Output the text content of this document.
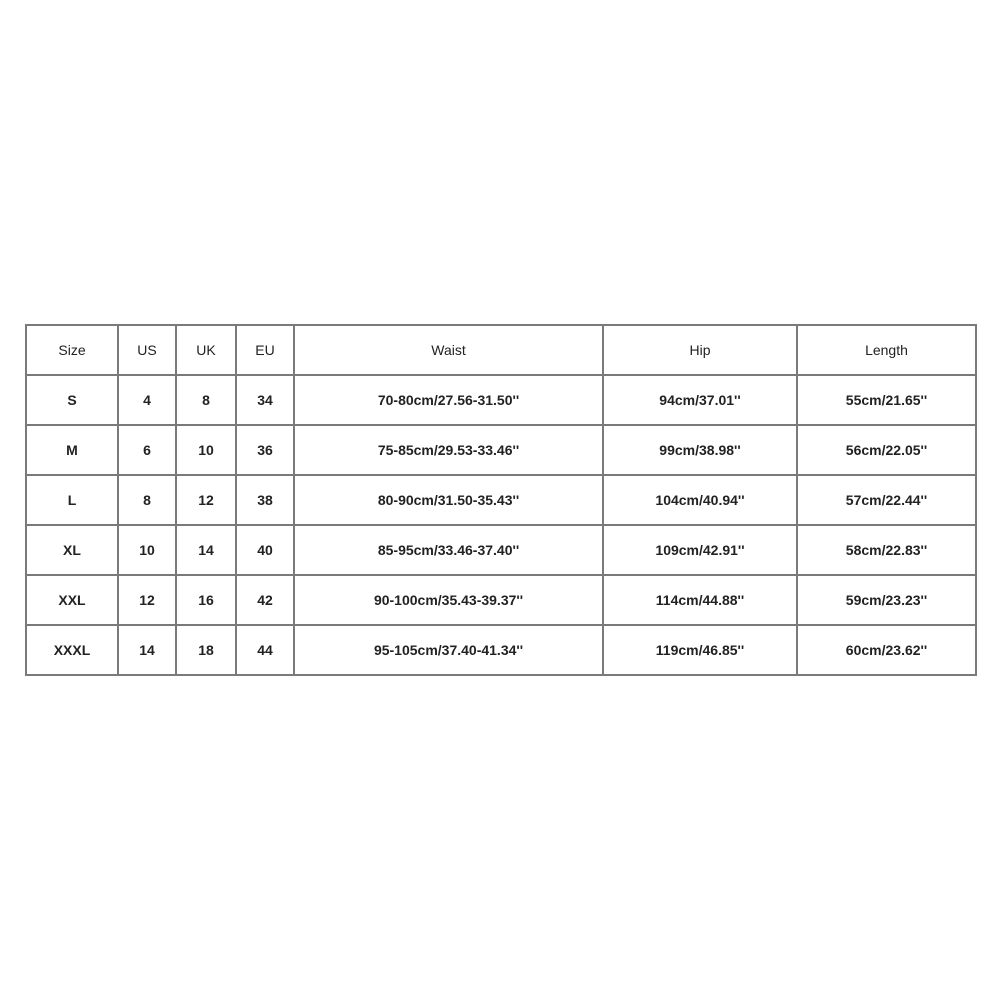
Size	US	UK	EU	Waist	Hip	Length
S	4	8	34	70-80cm/27.56-31.50''	94cm/37.01''	55cm/21.65''
M	6	10	36	75-85cm/29.53-33.46''	99cm/38.98''	56cm/22.05''
L	8	12	38	80-90cm/31.50-35.43''	104cm/40.94''	57cm/22.44''
XL	10	14	40	85-95cm/33.46-37.40''	109cm/42.91''	58cm/22.83''
XXL	12	16	42	90-100cm/35.43-39.37''	114cm/44.88''	59cm/23.23''
XXXL	14	18	44	95-105cm/37.40-41.34''	119cm/46.85''	60cm/23.62''
